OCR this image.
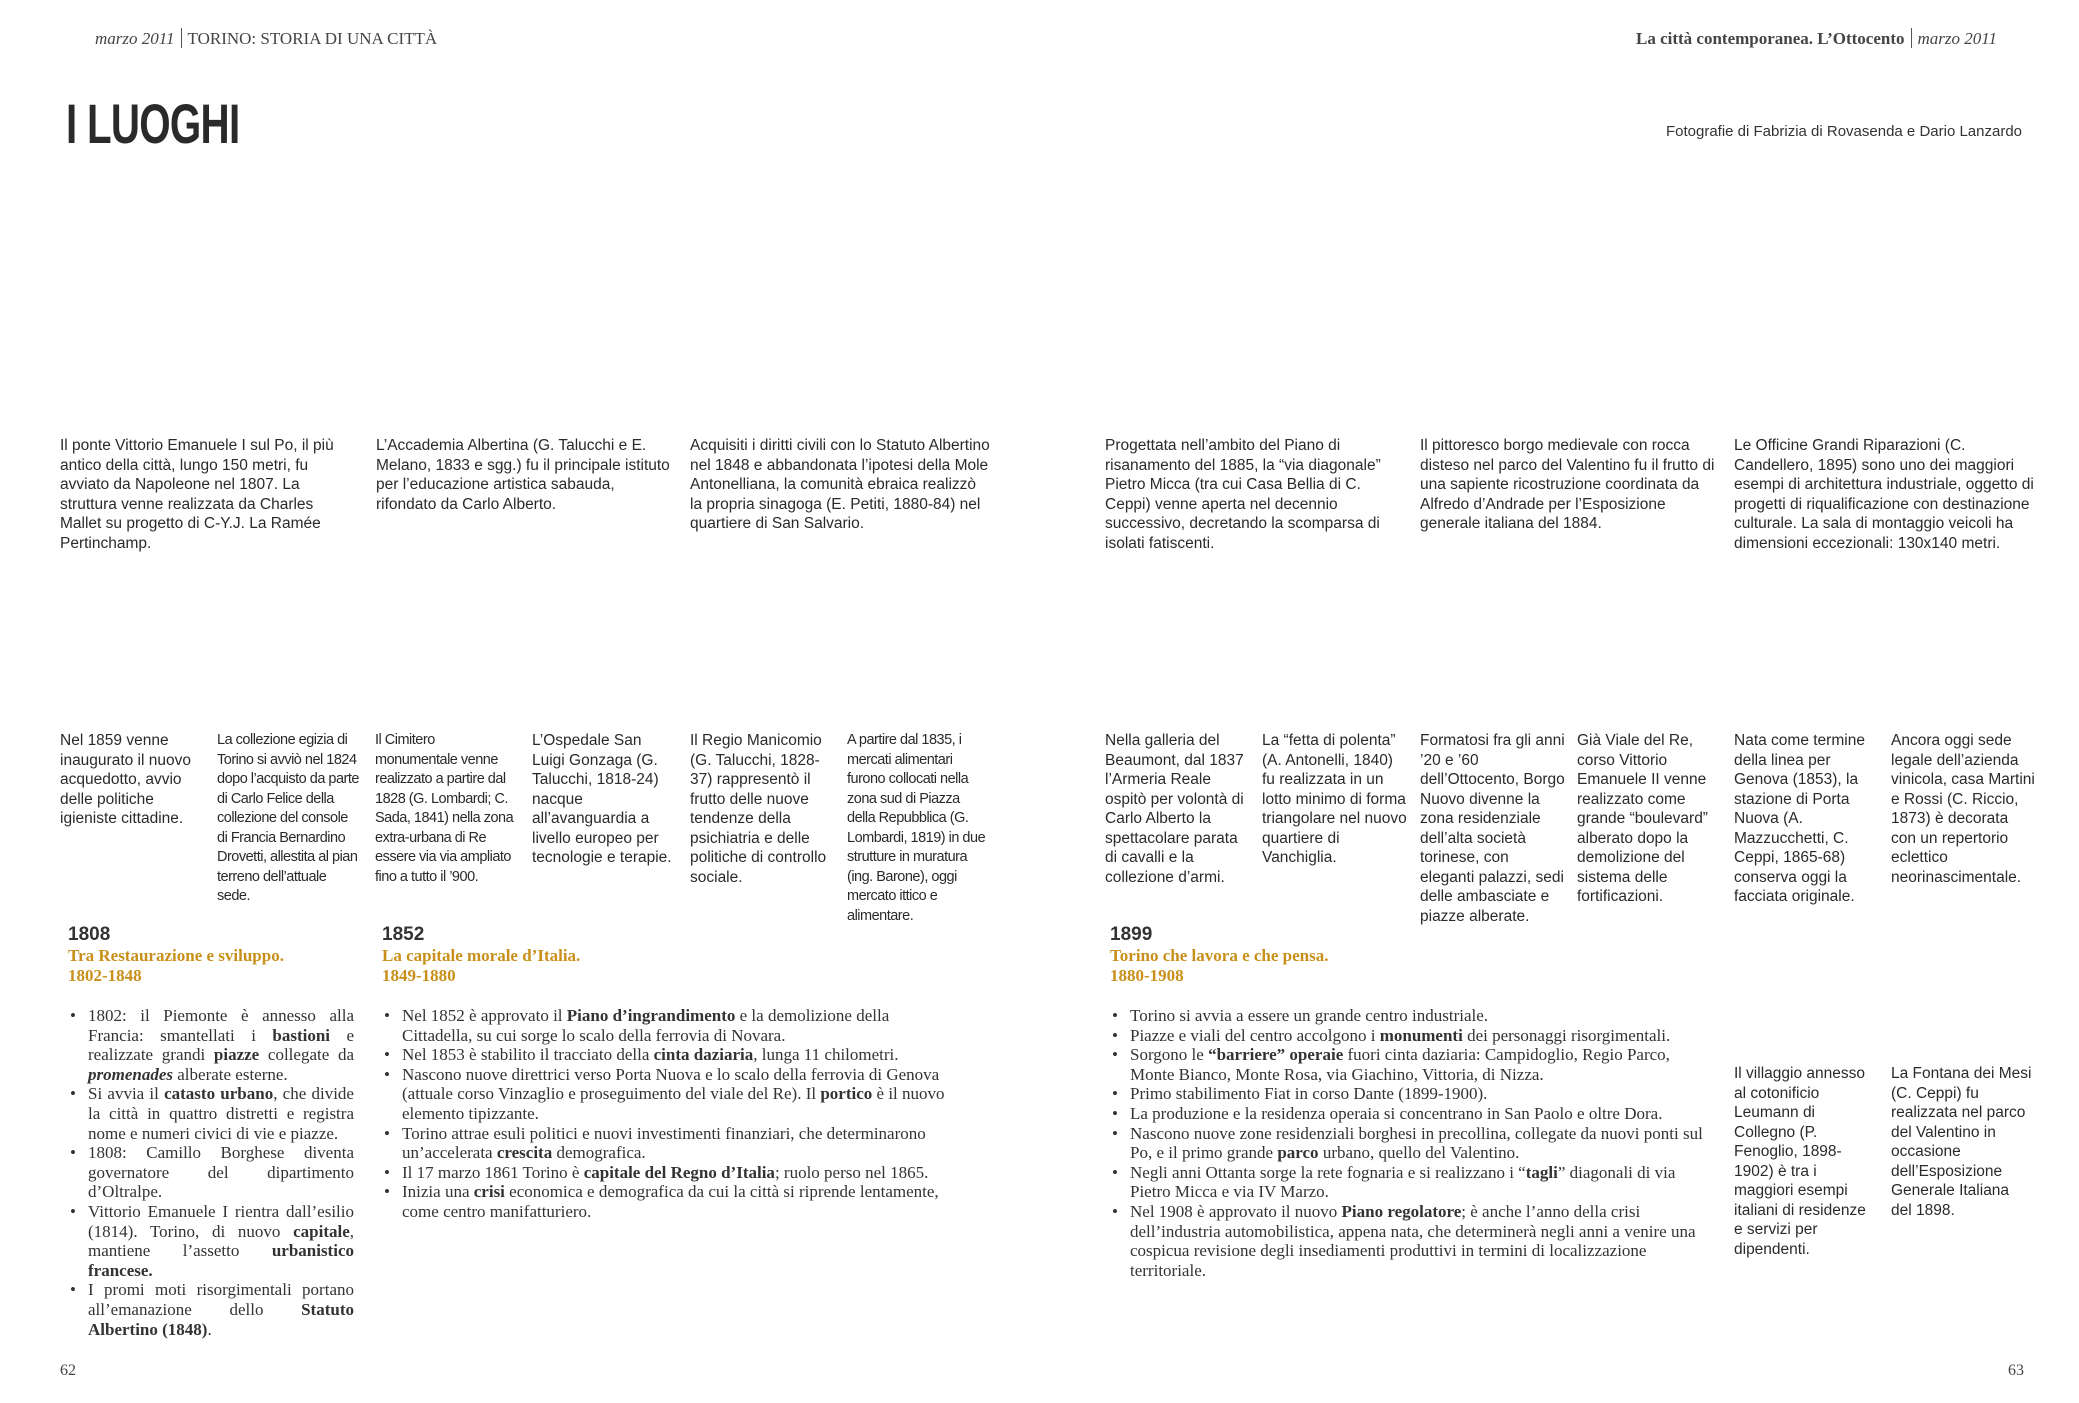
marzo 2011 TORINO: STORIA DI UNA CITTÀ	La città contemporanea. L’Ottocento marzo 2011
I LUOGHI	Fotografie di Fabrizia di Rovasenda e Dario Lanzardo
Il ponte Vittorio Emanuele I sul Po, il più antico della città, lungo 150 metri, fu avviato da Napoleone nel 1807. La struttura venne realizzata da Charles Mallet su progetto di C-Y.J. La Ramée Pertinchamp.
L’Accademia Albertina (G. Talucchi e E. Melano, 1833 e sgg.) fu il principale istituto per l’educazione artistica sabauda, rifondato da Carlo Alberto.
Acquisiti i diritti civili con lo Statuto Albertino nel 1848 e abbandonata l’ipotesi della Mole Antonelliana, la comunità ebraica realizzò la propria sinagoga (E. Petiti, 1880-84) nel quartiere di San Salvario.
Progettata nell’ambito del Piano di risanamento del 1885, la “via diagonale” Pietro Micca (tra cui Casa Bellia di C. Ceppi) venne aperta nel decennio successivo, decretando la scomparsa di isolati fatiscenti.
Il pittoresco borgo medievale con rocca disteso nel parco del Valentino fu il frutto di una sapiente ricostruzione coordinata da Alfredo d’Andrade per l’Esposizione generale italiana del 1884.
Le Officine Grandi Riparazioni (C. Candellero, 1895) sono uno dei maggiori esempi di architettura industriale, oggetto di progetti di riqualificazione con destinazione culturale. La sala di montaggio veicoli ha dimensioni eccezionali: 130x140 metri.
Nel 1859 venne inaugurato il nuovo acquedotto, avvio delle politiche igieniste cittadine.
La collezione egizia di Torino si avviò nel 1824 dopo l’acquisto da parte di Carlo Felice della collezione del console di Francia Bernardino Drovetti, allestita al pian terreno dell’attuale sede.
Il Cimitero monumentale venne realizzato a partire dal 1828 (G. Lombardi; C. Sada, 1841) nella zona extra-urbana di Re essere via via ampliato fino a tutto il ’900.
L’Ospedale San Luigi Gonzaga (G. Talucchi, 1818-24) nacque all’avanguardia a livello europeo per tecnologie e terapie.
Il Regio Manicomio (G. Talucchi, 1828-37) rappresentò il frutto delle nuove tendenze della psichiatria e delle politiche di controllo sociale.
A partire dal 1835, i mercati alimentari furono collocati nella zona sud di Piazza della Repubblica (G. Lombardi, 1819) in due strutture in muratura (ing. Barone), oggi mercato ittico e alimentare.
Nella galleria del Beaumont, dal 1837 l’Armeria Reale ospitò per volontà di Carlo Alberto la spettacolare parata di cavalli e la collezione d’armi.
La “fetta di polenta” (A. Antonelli, 1840) fu realizzata in un lotto minimo di forma triangolare nel nuovo quartiere di Vanchiglia.
Formatosi fra gli anni ’20 e ’60 dell’Ottocento, Borgo Nuovo divenne la zona residenziale dell’alta società torinese, con eleganti palazzi, sedi delle ambasciate e piazze alberate.
Già Viale del Re, corso Vittorio Emanuele II venne realizzato come grande “boulevard” alberato dopo la demolizione del sistema delle fortificazioni.
Nata come termine della linea per Genova (1853), la stazione di Porta Nuova (A. Mazzucchetti, C. Ceppi, 1865-68) conserva oggi la facciata originale.
Ancora oggi sede legale dell’azienda vinicola, casa Martini e Rossi (C. Riccio, 1873) è decorata con un repertorio eclettico neorinascimentale.
Il villaggio annesso al cotonificio Leumann di Collegno (P. Fenoglio, 1898-1902) è tra i maggiori esempi italiani di residenze e servizi per dipendenti.
La Fontana dei Mesi (C. Ceppi) fu realizzata nel parco del Valentino in occasione dell’Esposizione Generale Italiana del 1898.
1808
Tra Restaurazione e sviluppo.
1802-1848
• 1802: il Piemonte è annesso alla Francia: smantellati i bastioni e realizzate grandi piazze collegate da promenades alberate esterne.
• Si avvia il catasto urbano, che divide la città in quattro distretti e registra nome e numeri civici di vie e piazze.
• 1808: Camillo Borghese diventa governatore del dipartimento d’Oltralpe.
• Vittorio Emanuele I rientra dall’esilio (1814). Torino, di nuovo capitale, mantiene l’assetto urbanistico francese.
• I promi moti risorgimentali portano all’emanazione dello Statuto Albertino (1848).
1852
La capitale morale d’Italia.
1849-1880
• Nel 1852 è approvato il Piano d’ingrandimento e la demolizione della Cittadella, su cui sorge lo scalo della ferrovia di Novara.
• Nel 1853 è stabilito il tracciato della cinta daziaria, lunga 11 chilometri.
• Nascono nuove direttrici verso Porta Nuova e lo scalo della ferrovia di Genova (attuale corso Vinzaglio e proseguimento del viale del Re). Il portico è il nuovo elemento tipizzante.
• Torino attrae esuli politici e nuovi investimenti finanziari, che determinarono un’accelerata crescita demografica.
• Il 17 marzo 1861 Torino è capitale del Regno d’Italia; ruolo perso nel 1865.
• Inizia una crisi economica e demografica da cui la città si riprende lentamente, come centro manifatturiero.
1899
Torino che lavora e che pensa.
1880-1908
• Torino si avvia a essere un grande centro industriale.
• Piazze e viali del centro accolgono i monumenti dei personaggi risorgimentali.
• Sorgono le “barriere” operaie fuori cinta daziaria: Campidoglio, Regio Parco, Monte Bianco, Monte Rosa, via Giachino, Vittoria, di Nizza.
• Primo stabilimento Fiat in corso Dante (1899-1900).
• La produzione e la residenza operaia si concentrano in San Paolo e oltre Dora.
• Nascono nuove zone residenziali borghesi in precollina, collegate da nuovi ponti sul Po, e il primo grande parco urbano, quello del Valentino.
• Negli anni Ottanta sorge la rete fognaria e si realizzano i “tagli” diagonali di via Pietro Micca e via IV Marzo.
• Nel 1908 è approvato il nuovo Piano regolatore; è anche l’anno della crisi dell’industria automobilistica, appena nata, che determinerà negli anni a venire una cospicua revisione degli insediamenti produttivi in termini di localizzazione territoriale.
62	63
